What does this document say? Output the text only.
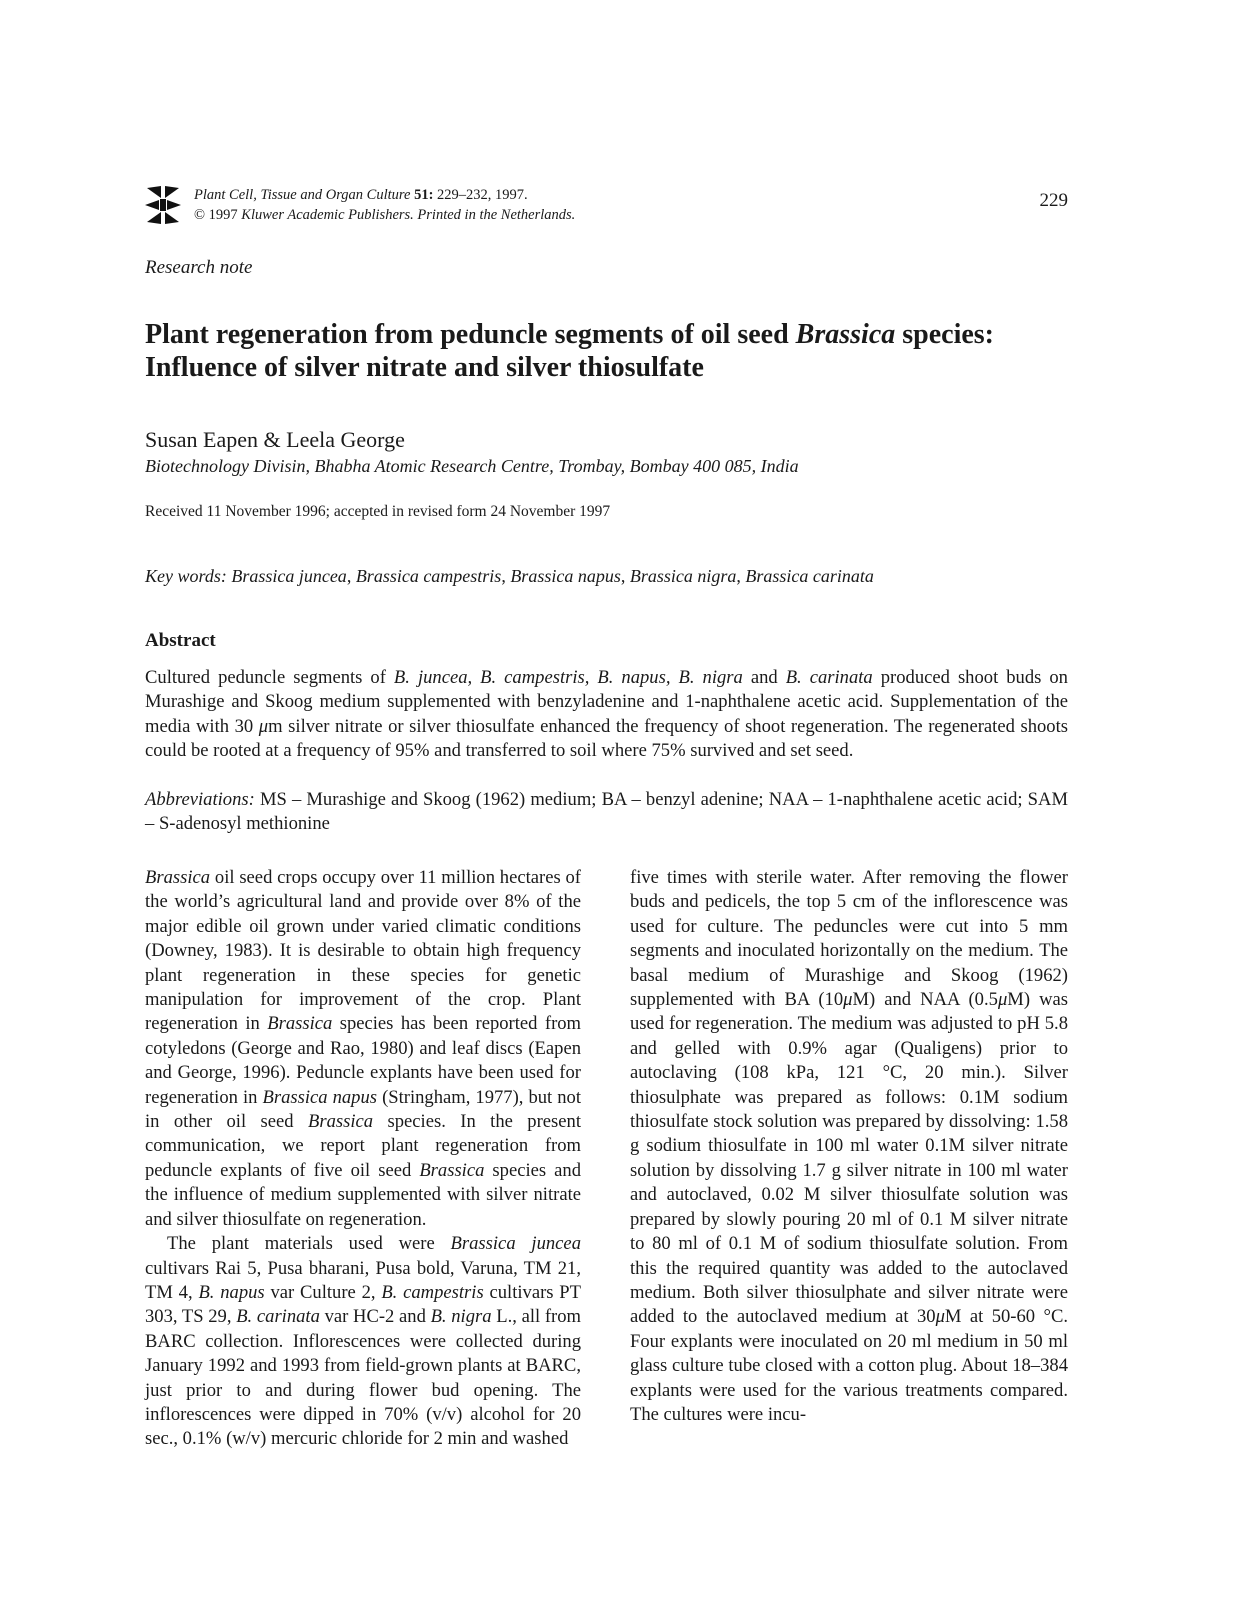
Plant Cell, Tissue and Organ Culture 51: 229–232, 1997.
© 1997 Kluwer Academic Publishers. Printed in the Netherlands.
229
Research note
Plant regeneration from peduncle segments of oil seed Brassica species:
Influence of silver nitrate and silver thiosulfate
Susan Eapen & Leela George
Biotechnology Divisin, Bhabha Atomic Research Centre, Trombay, Bombay 400 085, India
Received 11 November 1996; accepted in revised form 24 November 1997
Key words: Brassica juncea, Brassica campestris, Brassica napus, Brassica nigra, Brassica carinata
Abstract

Cultured peduncle segments of B. juncea, B. campestris, B. napus, B. nigra and B. carinata produced shoot buds on Murashige and Skoog medium supplemented with benzyladenine and 1-naphthalene acetic acid. Supplementation of the media with 30 μm silver nitrate or silver thiosulfate enhanced the frequency of shoot regeneration. The regenerated shoots could be rooted at a frequency of 95% and transferred to soil where 75% survived and set seed.

Abbreviations: MS – Murashige and Skoog (1962) medium; BA – benzyl adenine; NAA – 1-naphthalene acetic acid; SAM – S-adenosyl methionine

Brassica oil seed crops occupy over 11 million hectares of the world’s agricultural land and provide over 8% of the major edible oil grown under varied climatic conditions (Downey, 1983). It is desirable to obtain high frequency plant regeneration in these species for genetic manipulation for improvement of the crop. Plant regeneration in Brassica species has been reported from cotyledons (George and Rao, 1980) and leaf discs (Eapen and George, 1996). Peduncle explants have been used for regeneration in Brassica napus (Stringham, 1977), but not in other oil seed Brassica species. In the present communication, we report plant regeneration from peduncle explants of five oil seed Brassica species and the influence of medium supplemented with silver nitrate and silver thiosulfate on regeneration.

The plant materials used were Brassica juncea cultivars Rai 5, Pusa bharani, Pusa bold, Varuna, TM 21, TM 4, B. napus var Culture 2, B. campestris cultivars PT 303, TS 29, B. carinata var HC-2 and B. nigra L., all from BARC collection. Inflorescences were collected during January 1992 and 1993 from field-grown plants at BARC, just prior to and during flower bud opening. The inflorescences were dipped in 70% (v/v) alcohol for 20 sec., 0.1% (w/v) mercuric chloride for 2 min and washed

five times with sterile water. After removing the flower buds and pedicels, the top 5 cm of the inflorescence was used for culture. The peduncles were cut into 5 mm segments and inoculated horizontally on the medium. The basal medium of Murashige and Skoog (1962) supplemented with BA (10μM) and NAA (0.5μM) was used for regeneration. The medium was adjusted to pH 5.8 and gelled with 0.9% agar (Qualigens) prior to autoclaving (108 kPa, 121 °C, 20 min.). Silver thiosulphate was prepared as follows: 0.1M sodium thiosulfate stock solution was prepared by dissolving: 1.58 g sodium thiosulfate in 100 ml water 0.1M silver nitrate solution by dissolving 1.7 g silver nitrate in 100 ml water and autoclaved, 0.02 M silver thiosulfate solution was prepared by slowly pouring 20 ml of 0.1 M silver nitrate to 80 ml of 0.1 M of sodium thiosulfate solution. From this the required quantity was added to the autoclaved medium. Both silver thiosulphate and silver nitrate were added to the autoclaved medium at 30μM at 50-60 °C. Four explants were inoculated on 20 ml medium in 50 ml glass culture tube closed with a cotton plug. About 18–384 explants were used for the various treatments compared. The cultures were incu-
